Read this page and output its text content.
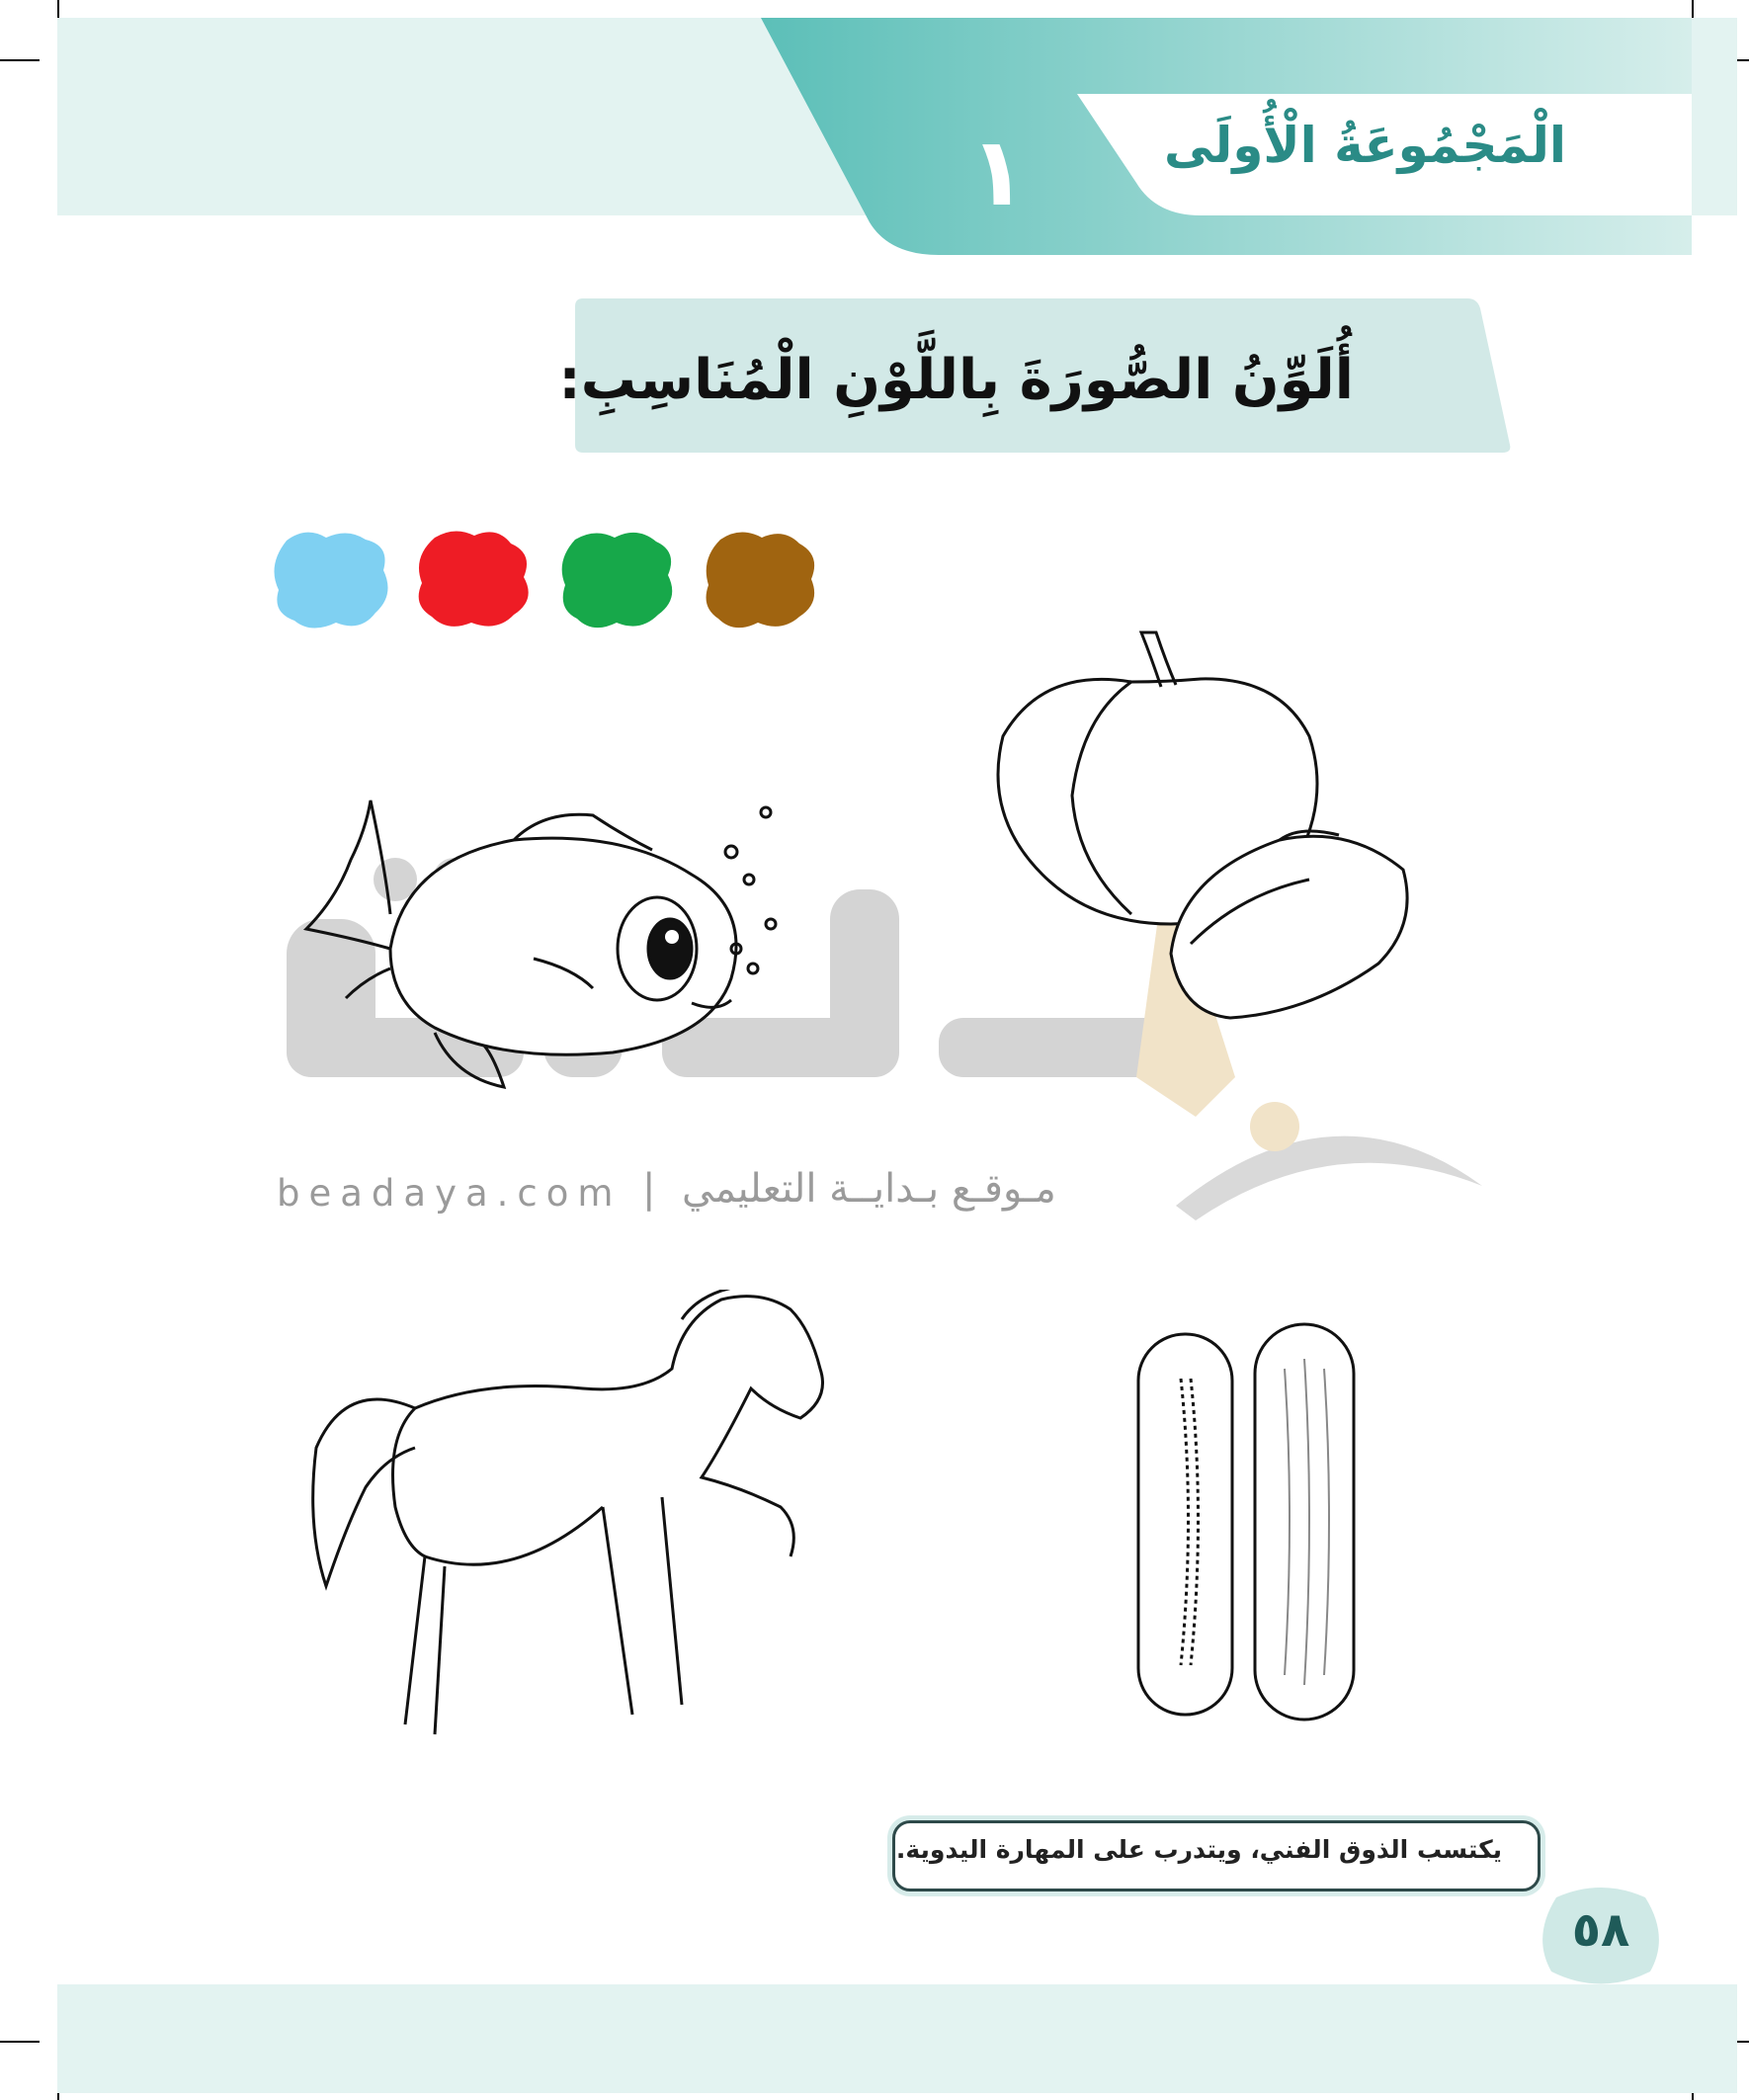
الْمَجْمُوعَةُ الْأُولَى
١
أُلَوِّنُ الصُّورَةَ بِاللَّوْنِ الْمُنَاسِبِ:
beadaya.com | مـوقـع بـدايــة التعليمي
يكتسب الذوق الفني، ويتدرب على المهارة اليدوية.
٥٨
